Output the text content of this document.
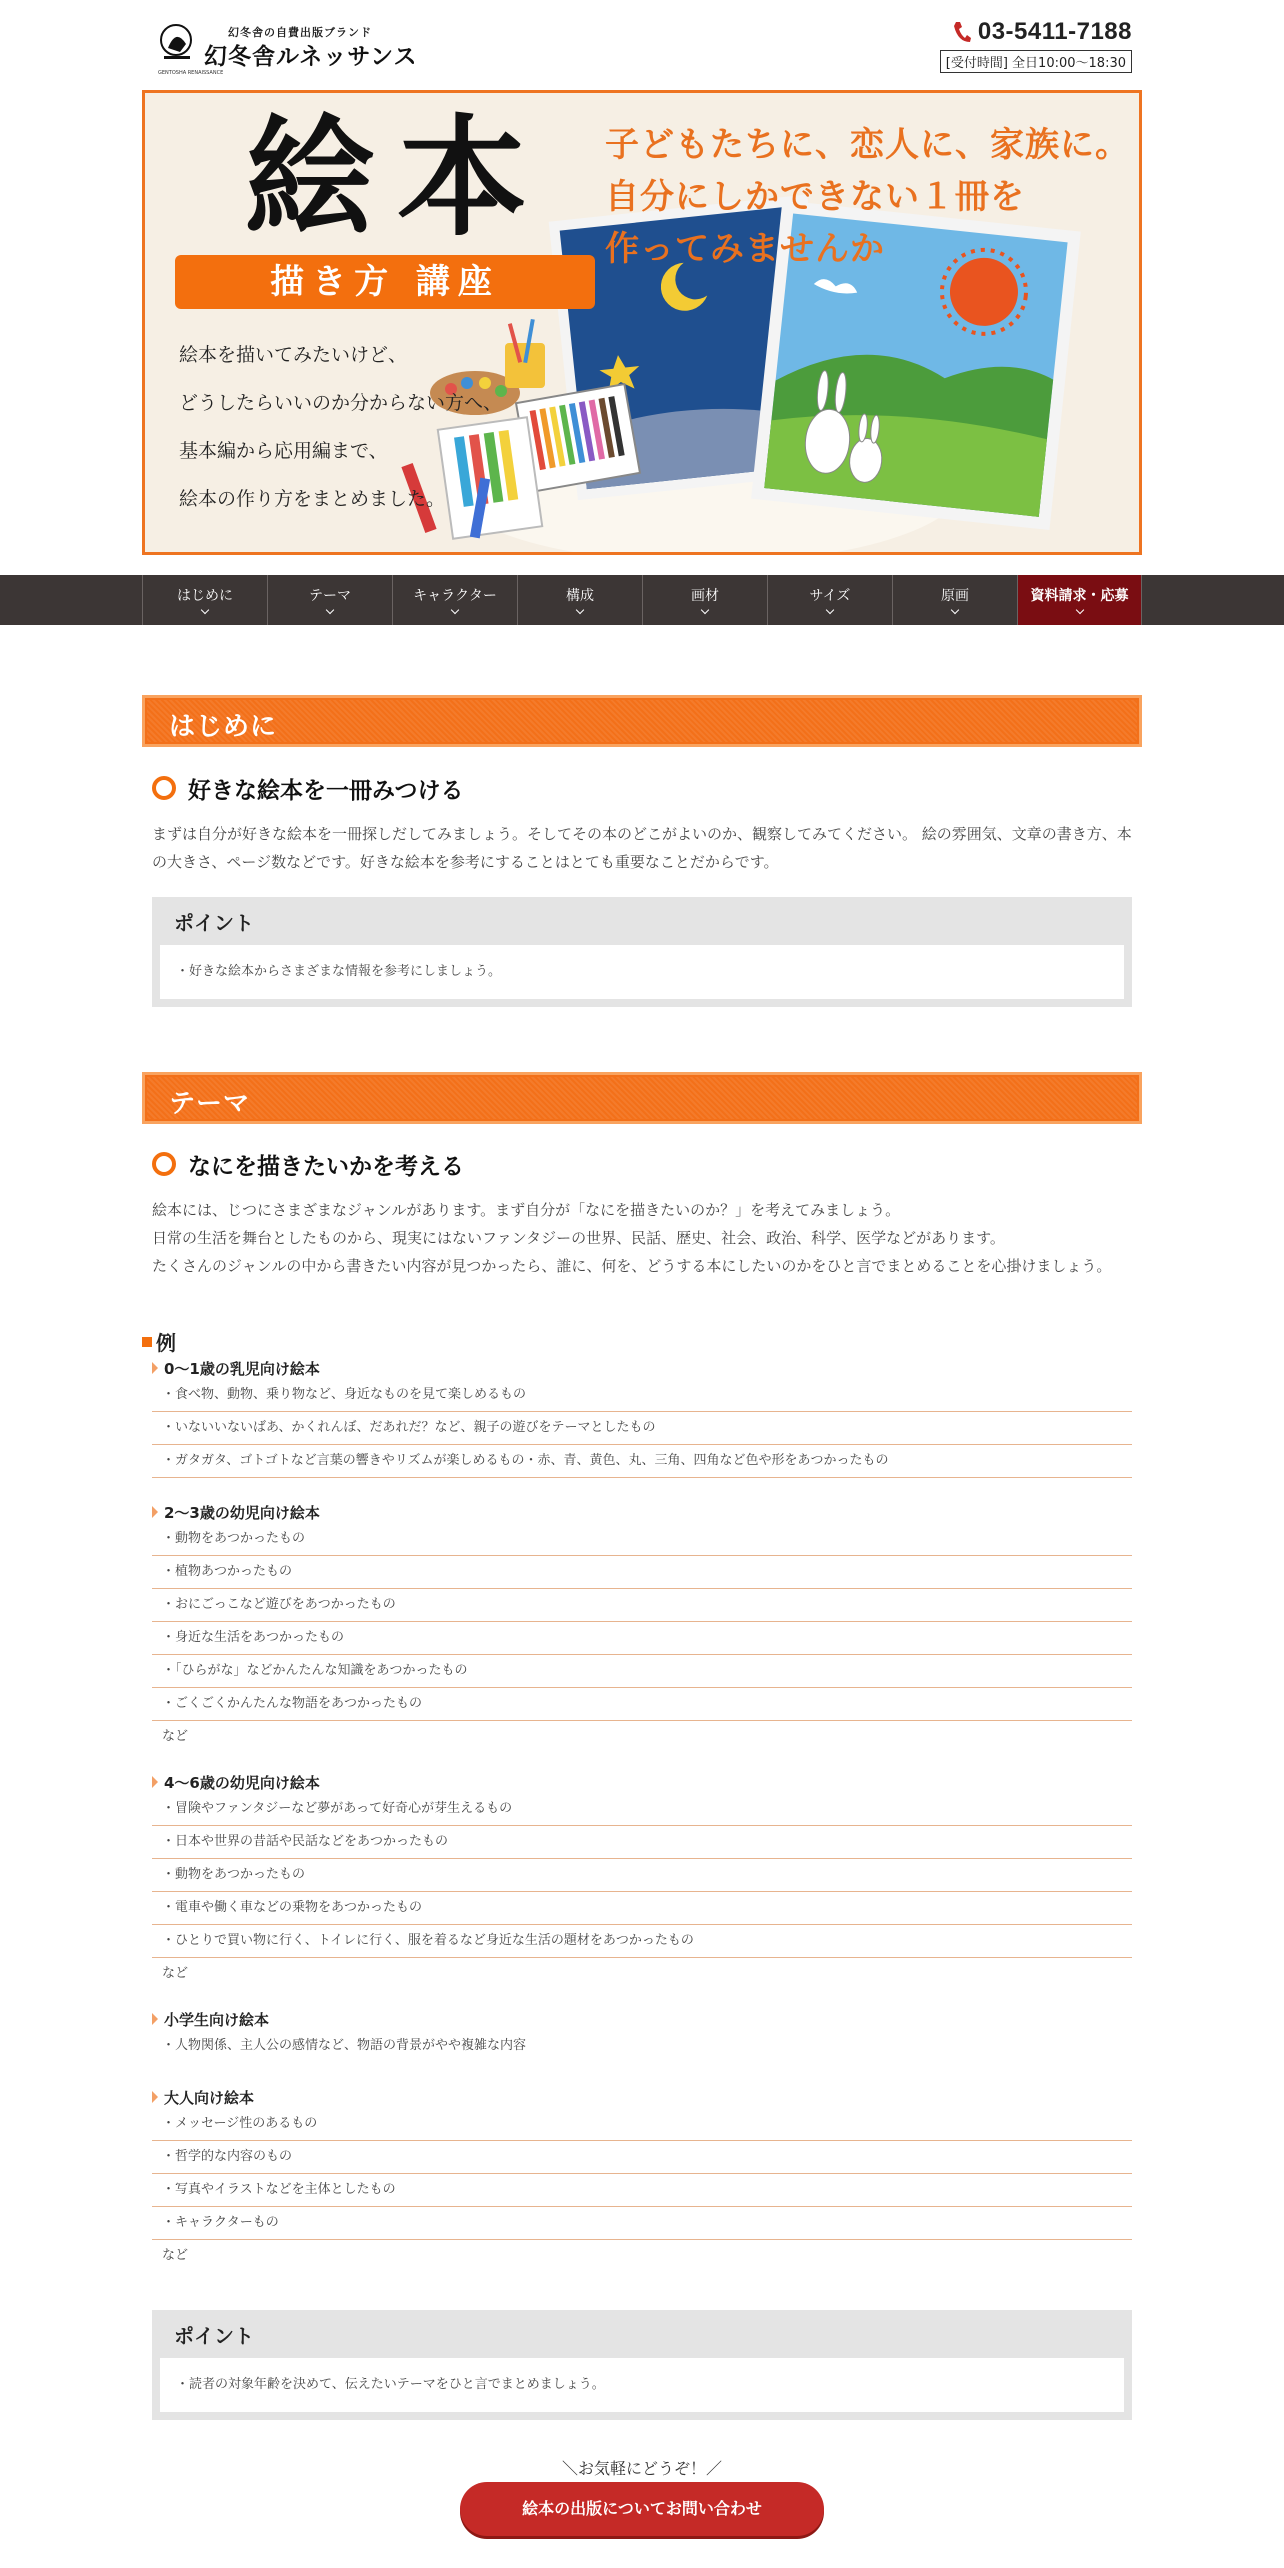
幻冬舎の自費出版ブランド
幻冬舎ルネッサンス
GENTOSHA RENAISSANCE
03-5411-7188
[受付時間] 全日10:00〜18:30
絵本
描き方 講座
子どもたちに、恋人に、家族に。
自分にしかできない１冊を
作ってみませんか
絵本を描いてみたいけど、
どうしたらいいのか分からない方へ、
基本編から応用編まで、
絵本の作り方をまとめました。
はじめに	テーマ	キャラクター	構成	画材	サイズ	原画	資料請求・応募
はじめに
好きな絵本を一冊みつける
まずは自分が好きな絵本を一冊探しだしてみましょう。そしてその本のどこがよいのか、観察してみてください。 絵の雰囲気、文章の書き方、本の大きさ、ページ数などです。好きな絵本を参考にすることはとても重要なことだからです。
ポイント
・好きな絵本からさまざまな情報を参考にしましょう。
テーマ
なにを描きたいかを考える
絵本には、じつにさまざまなジャンルがあります。まず自分が「なにを描きたいのか？」を考えてみましょう。
日常の生活を舞台としたものから、現実にはないファンタジーの世界、民話、歴史、社会、政治、科学、医学などがあります。
たくさんのジャンルの中から書きたい内容が見つかったら、誰に、何を、どうする本にしたいのかをひと言でまとめることを心掛けましょう。
例
0～1歳の乳児向け絵本
・食べ物、動物、乗り物など、身近なものを見て楽しめるもの
・いないいないばあ、かくれんぼ、だあれだ？など、親子の遊びをテーマとしたもの
・ガタガタ、ゴトゴトなど言葉の響きやリズムが楽しめるもの・赤、青、黄色、丸、三角、四角など色や形をあつかったもの
2～3歳の幼児向け絵本
・動物をあつかったもの
・植物あつかったもの
・おにごっこなど遊びをあつかったもの
・身近な生活をあつかったもの
・「ひらがな」などかんたんな知識をあつかったもの
・ごくごくかんたんな物語をあつかったもの
など
4～6歳の幼児向け絵本
・冒険やファンタジーなど夢があって好奇心が芽生えるもの
・日本や世界の昔話や民話などをあつかったもの
・動物をあつかったもの
・電車や働く車などの乗物をあつかったもの
・ひとりで買い物に行く、トイレに行く、服を着るなど身近な生活の題材をあつかったもの
など
小学生向け絵本
・人物関係、主人公の感情など、物語の背景がやや複雑な内容
大人向け絵本
・メッセージ性のあるもの
・哲学的な内容のもの
・写真やイラストなどを主体としたもの
・キャラクターもの
など
ポイント
・読者の対象年齢を決めて、伝えたいテーマをひと言でまとめましょう。
＼お気軽にどうぞ！／
絵本の出版についてお問い合わせ
